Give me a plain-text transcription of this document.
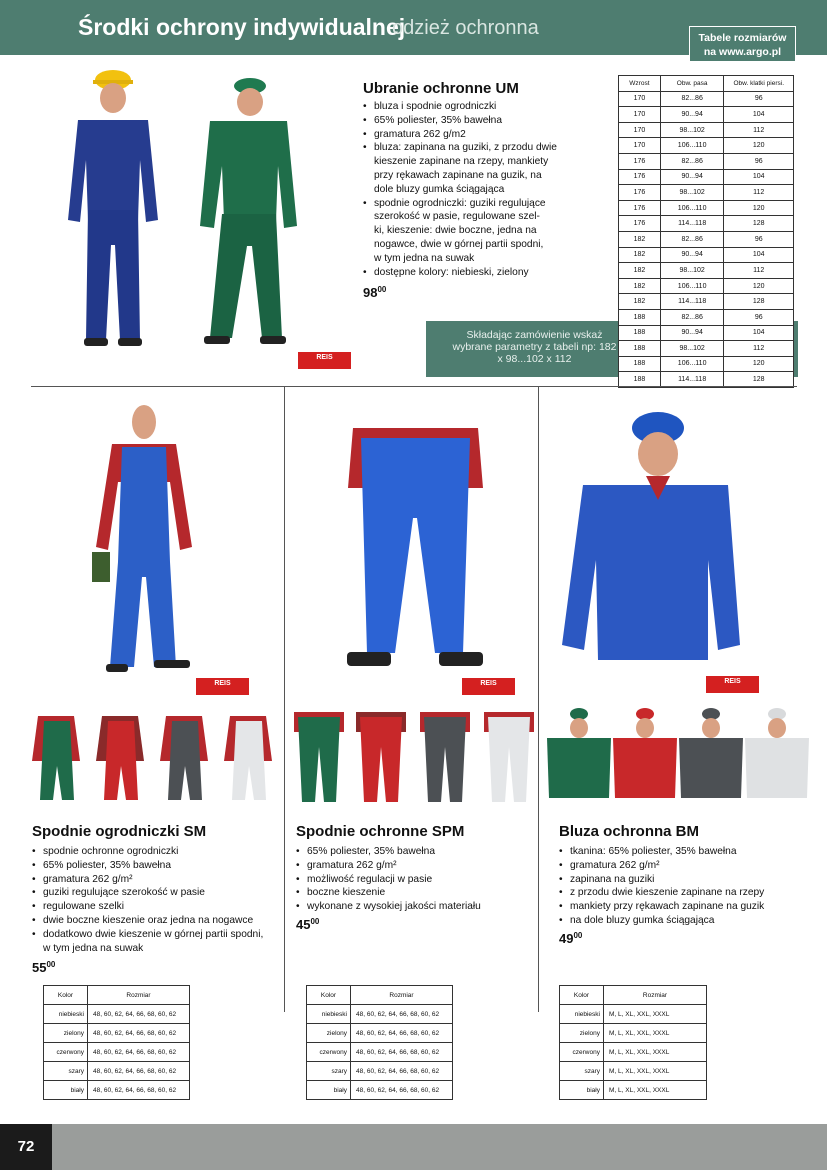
Środki ochrony indywidualnej
odzież ochronna	Tabele rozmiarów
na www.argo.pl
REIS
Ubranie ochronne UM
• bluza i spodnie ogrodniczki
• 65% poliester, 35% bawełna
• gramatura 262 g/m2
• bluza: zapinana na guziki, z przodu dwie
kieszenie zapinane na rzepy, mankiety
przy rękawach zapinane na guzik, na
dole bluzy gumka ściągająca
• spodnie ogrodniczki: guziki regulujące
szerokość w pasie, regulowane szel-
ki, kieszenie: dwie boczne, jedna na
nogawce, dwie w górnej partii spodni,
w tym jedna na suwak
• dostępne kolory: niebieski, zielony
$98^{00}$
Składając zamówienie wskaż wybrane parametry z tabeli np: 182 x 98...102 x 112
Wzrost	Obw. pasa	Obw. klatki piersi.
170	82...86	96
170	90...94	104
170	98...102	112
170	106...110	120
176	82...86	96
176	90...94	104
176	98...102	112
176	106...110	120
176	114...118	128
182	82...86	96
182	90...94	104
182	98...102	112
182	106...110	120
182	114...118	128
188	82...86	96
188	90...94	104
188	98...102	112
188	106...110	120
188	114...118	128
REIS	REIS	REIS
Spodnie ogrodniczki SM
• spodnie ochronne ogrodniczki
• 65% poliester, 35% bawełna
• gramatura 262 g/m²
• guziki regulujące szerokość w pasie
• regulowane szelki
• dwie boczne kieszenie oraz jedna na nogawce
• dodatkowo dwie kieszenie w górnej partii spodni,
w tym jedna na suwak
$55^{00}$
Spodnie ochronne SPM
• 65% poliester, 35% bawełna
• gramatura 262 g/m²
• możliwość regulacji w pasie
• boczne kieszenie
• wykonane z wysokiej jakości materiału
$45^{00}$
Bluza ochronna BM
• tkanina: 65% poliester, 35% bawełna
• gramatura 262 g/m²
• zapinana na guziki
• z przodu dwie kieszenie zapinane na rzepy
• mankiety przy rękawach zapinane na guzik
• na dole bluzy gumka ściągająca
$49^{00}$
Kolor	Rozmiar
niebieski	48, 60, 62, 64, 66, 68, 60, 62
zielony	48, 60, 62, 64, 66, 68, 60, 62
czerwony	48, 60, 62, 64, 66, 68, 60, 62
szary	48, 60, 62, 64, 66, 68, 60, 62
biały	48, 60, 62, 64, 66, 68, 60, 62
Kolor	Rozmiar
niebieski	48, 60, 62, 64, 66, 68, 60, 62
zielony	48, 60, 62, 64, 66, 68, 60, 62
czerwony	48, 60, 62, 64, 66, 68, 60, 62
szary	48, 60, 62, 64, 66, 68, 60, 62
biały	48, 60, 62, 64, 66, 68, 60, 62
Kolor	Rozmiar
niebieski	M, L, XL, XXL, XXXL
zielony	M, L, XL, XXL, XXXL
czerwony	M, L, XL, XXL, XXXL
szary	M, L, XL, XXL, XXXL
biały	M, L, XL, XXL, XXXL
72
